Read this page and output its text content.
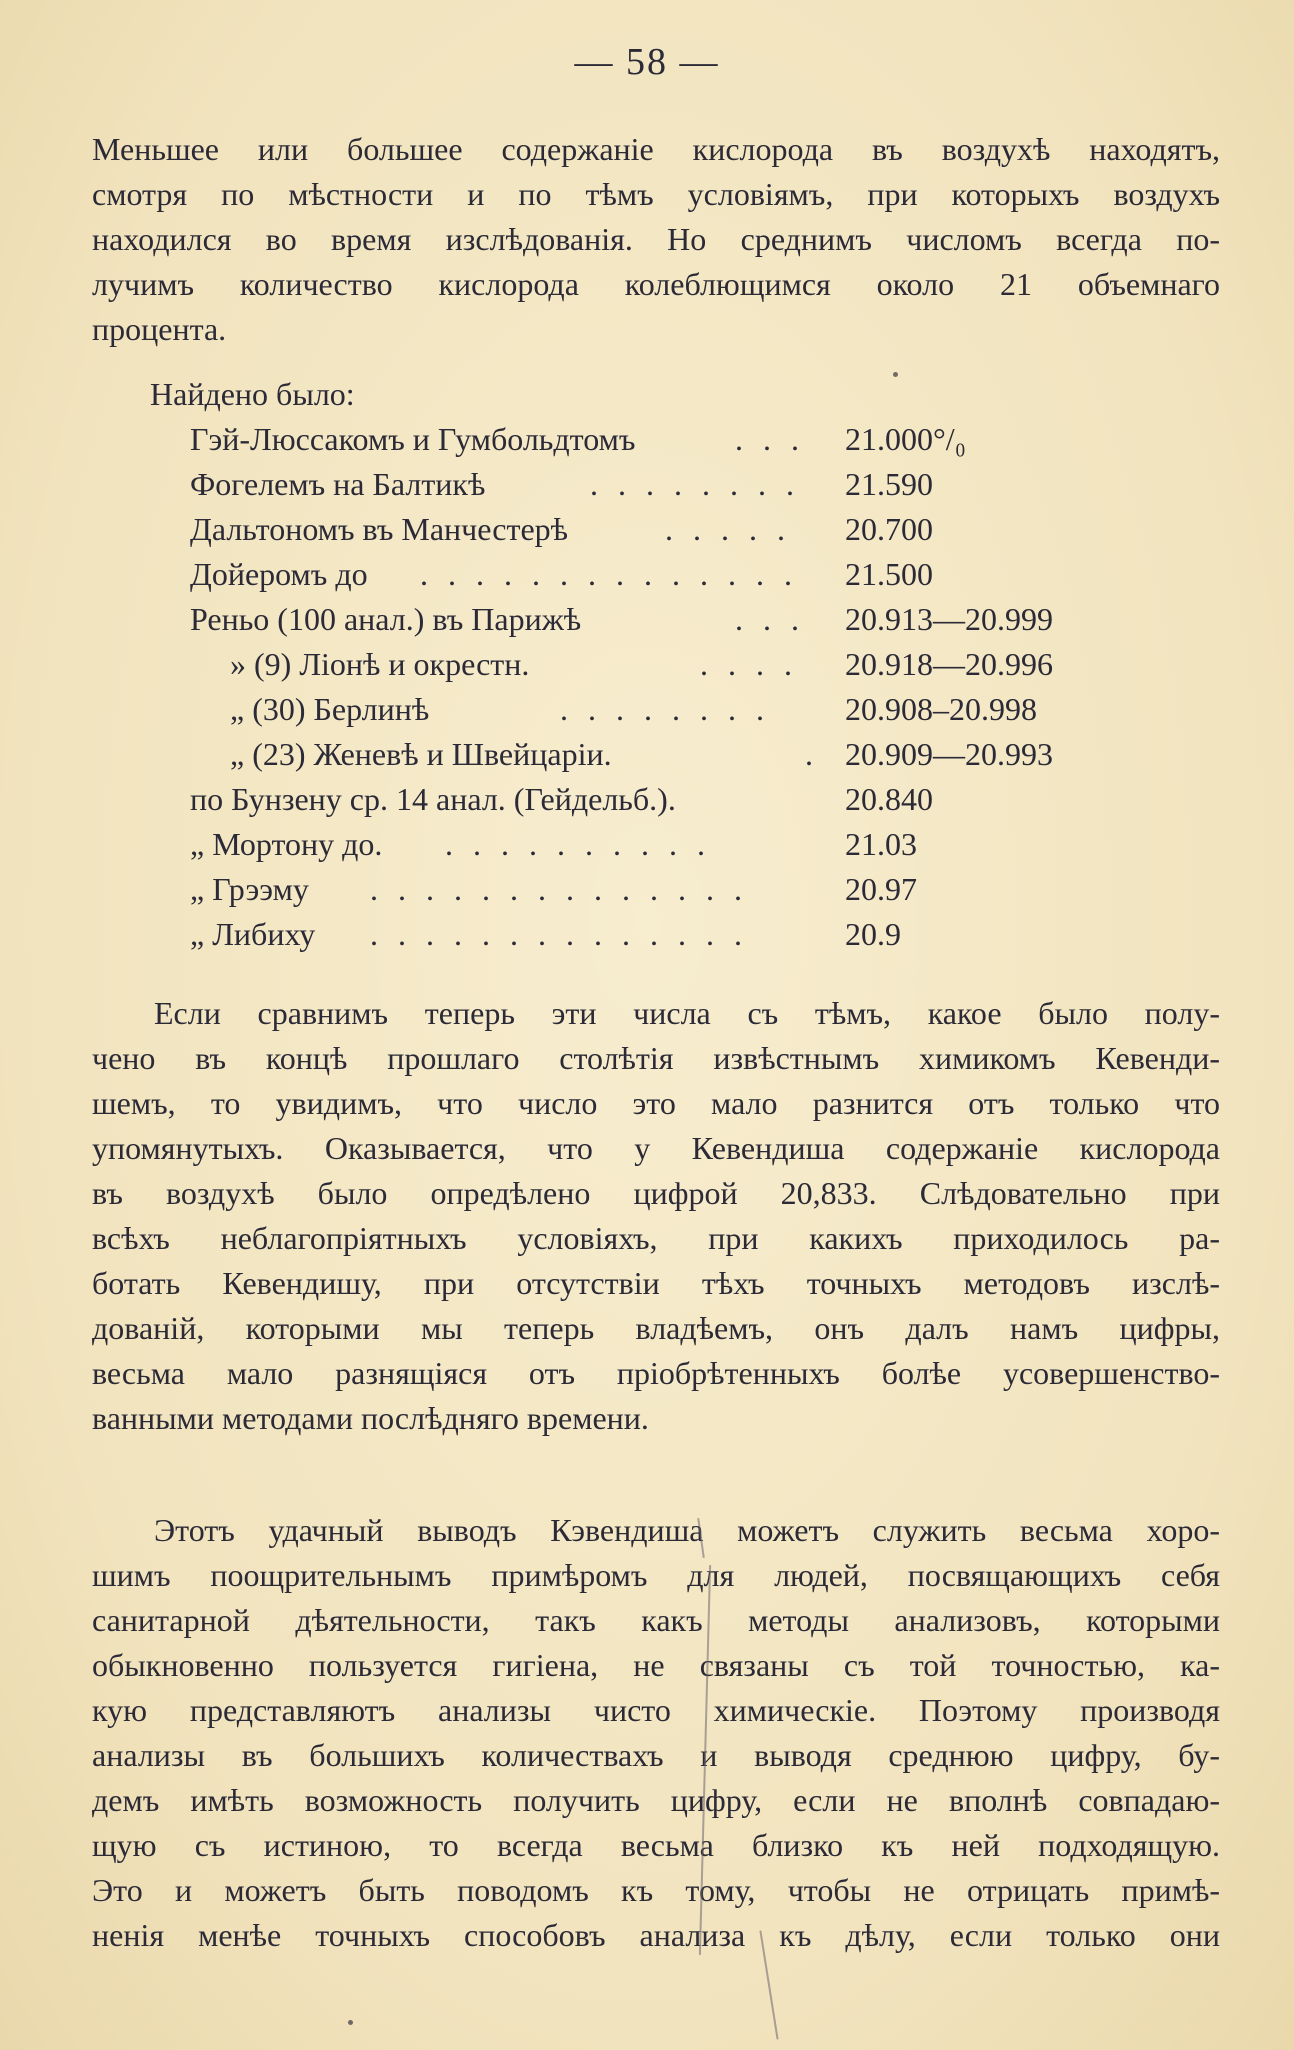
— 58 —

Меньшее или большее содержанiе кислорода въ воздухѣ находятъ,
смотря по мѣстности и по тѣмъ условiямъ, при которыхъ воздухъ
находился во время изслѣдованiя. Но среднимъ числомъ всегда по-
лучимъ количество кислорода колеблющимся около 21 объемнаго
процента.

Найдено было:
Гэй-Люссакомъ и Гумбольдтомъ	. . . 21.000°/₀
Фогелемъ на Балтикѣ	. . . . . . . . 21.590
Дальтономъ въ Манчестерѣ	. . . . . 20.700
Дойеромъ до . . . . . . . . . . . . . . 21.500
Реньо (100 анал.) въ Парижѣ	. . . 20.913—20.999
» (9) Лiонѣ и окрестн.	. . . . 20.918—20.996
„ (30) Берлинѣ	. . . . . . . . 20.908–20.998
„ (23) Женевѣ и Швейцарiи.	. 20.909—20.993
по Бунзену ср. 14 анал. (Гейдельб.).	20.840
„ Мортону до. . . . . . . . . . .	21.03
„ Грээму . . . . . . . . . . . . . .	20.97
„ Либиху . . . . . . . . . . . . . .	20.9

Если сравнимъ теперь эти числа съ тѣмъ, какое было полу-
чено въ концѣ прошлаго столѣтiя извѣстнымъ химикомъ Кевенди-
шемъ, то увидимъ, что число это мало разнится отъ только что
упомянутыхъ. Оказывается, что у Кевендиша содержанiе кислорода
въ воздухѣ было опредѣлено цифрой 20,833. Слѣдовательно при
всѣхъ неблагопрiятныхъ условiяхъ, при какихъ приходилось ра-
ботать Кевендишу, при отсутствiи тѣхъ точныхъ методовъ изслѣ-
дованiй, которыми мы теперь владѣемъ, онъ далъ намъ цифры,
весьма мало разнящiяся отъ прiобрѣтенныхъ болѣе усовершенство-
ванными методами послѣдняго времени.

Этотъ удачный выводъ Кэвендиша можетъ служить весьма хоро-
шимъ поощрительнымъ примѣромъ для людей, посвящающихъ себя
санитарной дѣятельности, такъ какъ методы анализовъ, которыми
обыкновенно пользуется гигiена, не связаны съ той точностью, ка-
кую представляютъ анализы чисто химическiе. Поэтому производя
анализы въ большихъ количествахъ и выводя среднюю цифру, бу-
демъ имѣть возможность получить цифру, если не вполнѣ совпадаю-
щую съ истиною, то всегда весьма близко къ ней подходящую.
Это и можетъ быть поводомъ къ тому, чтобы не отрицать примѣ-
ненiя менѣе точныхъ способовъ анализа къ дѣлу, если только они
